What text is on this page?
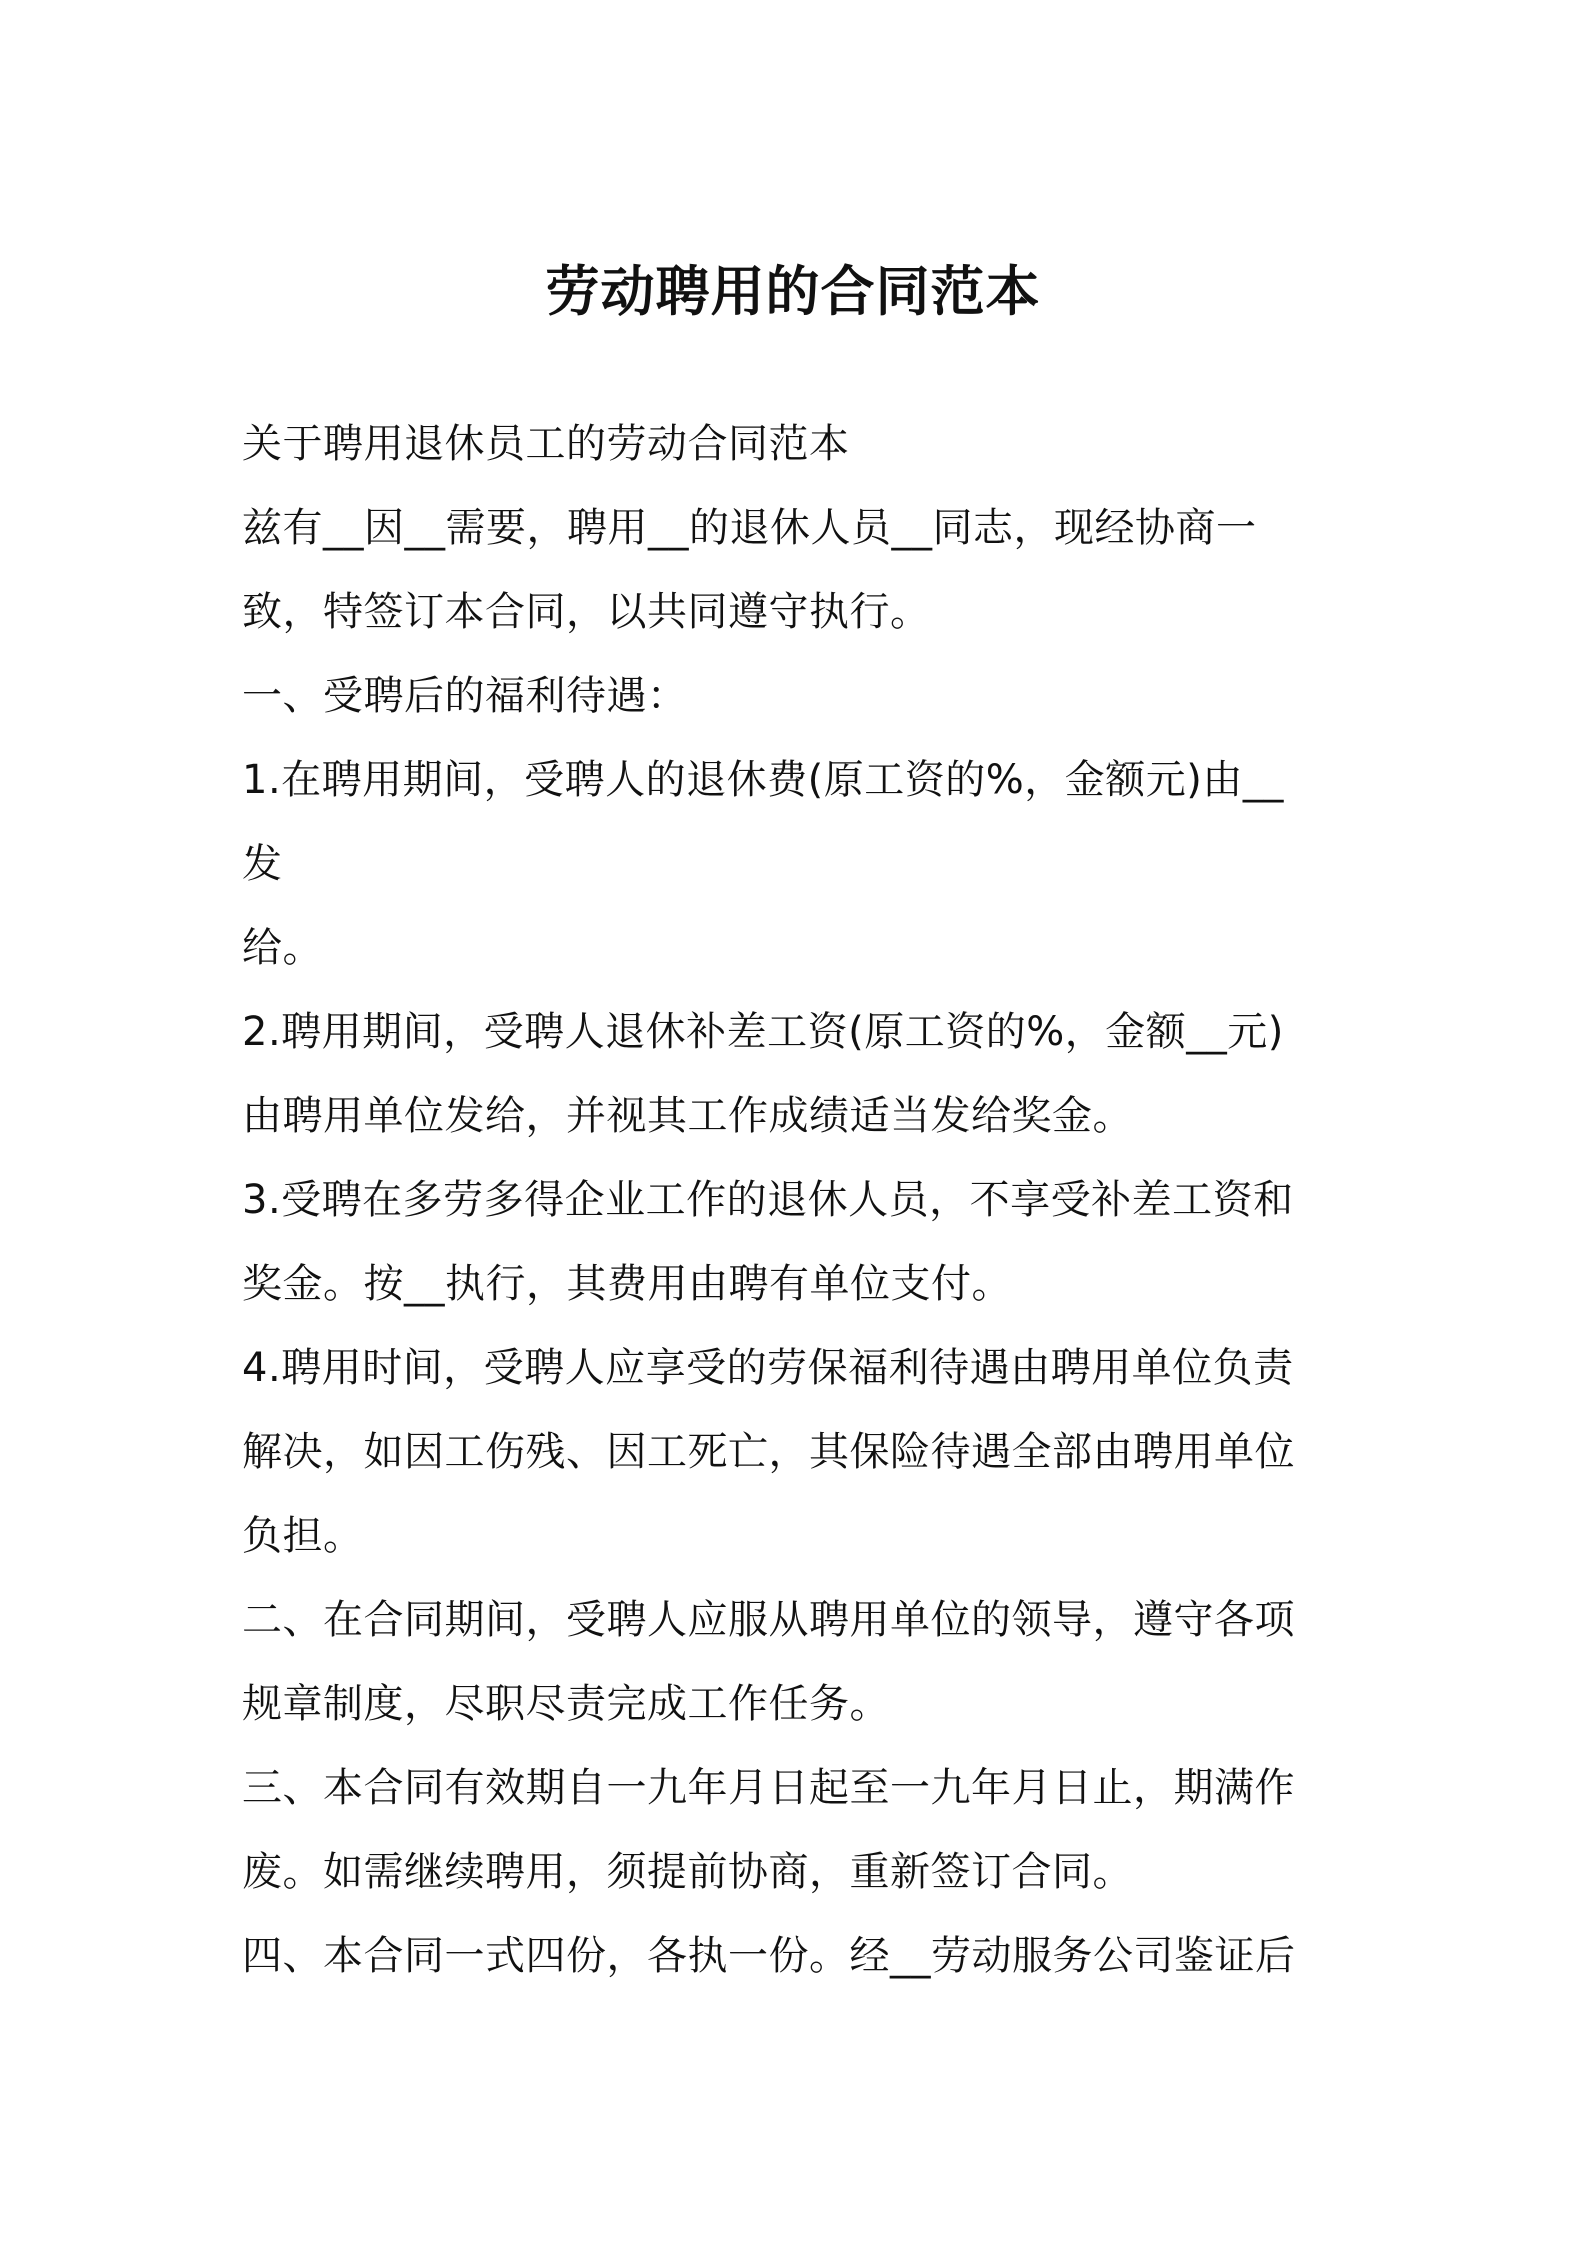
劳动聘用的合同范本
关于聘用退休员工的劳动合同范本
兹有__因__需要，聘用__的退休人员__同志，现经协商一
致，特签订本合同，以共同遵守执行。
一、受聘后的福利待遇：
1.在聘用期间，受聘人的退休费(原工资的%，金额元)由__
发
给。
2.聘用期间，受聘人退休补差工资(原工资的%，金额__元)
由聘用单位发给，并视其工作成绩适当发给奖金。
3.受聘在多劳多得企业工作的退休人员，不享受补差工资和
奖金。按__执行，其费用由聘有单位支付。
4.聘用时间，受聘人应享受的劳保福利待遇由聘用单位负责
解决，如因工伤残、因工死亡，其保险待遇全部由聘用单位
负担。
二、在合同期间，受聘人应服从聘用单位的领导，遵守各项
规章制度，尽职尽责完成工作任务。
三、本合同有效期自一九年月日起至一九年月日止，期满作
废。如需继续聘用，须提前协商，重新签订合同。
四、本合同一式四份，各执一份。经__劳动服务公司鉴证后
